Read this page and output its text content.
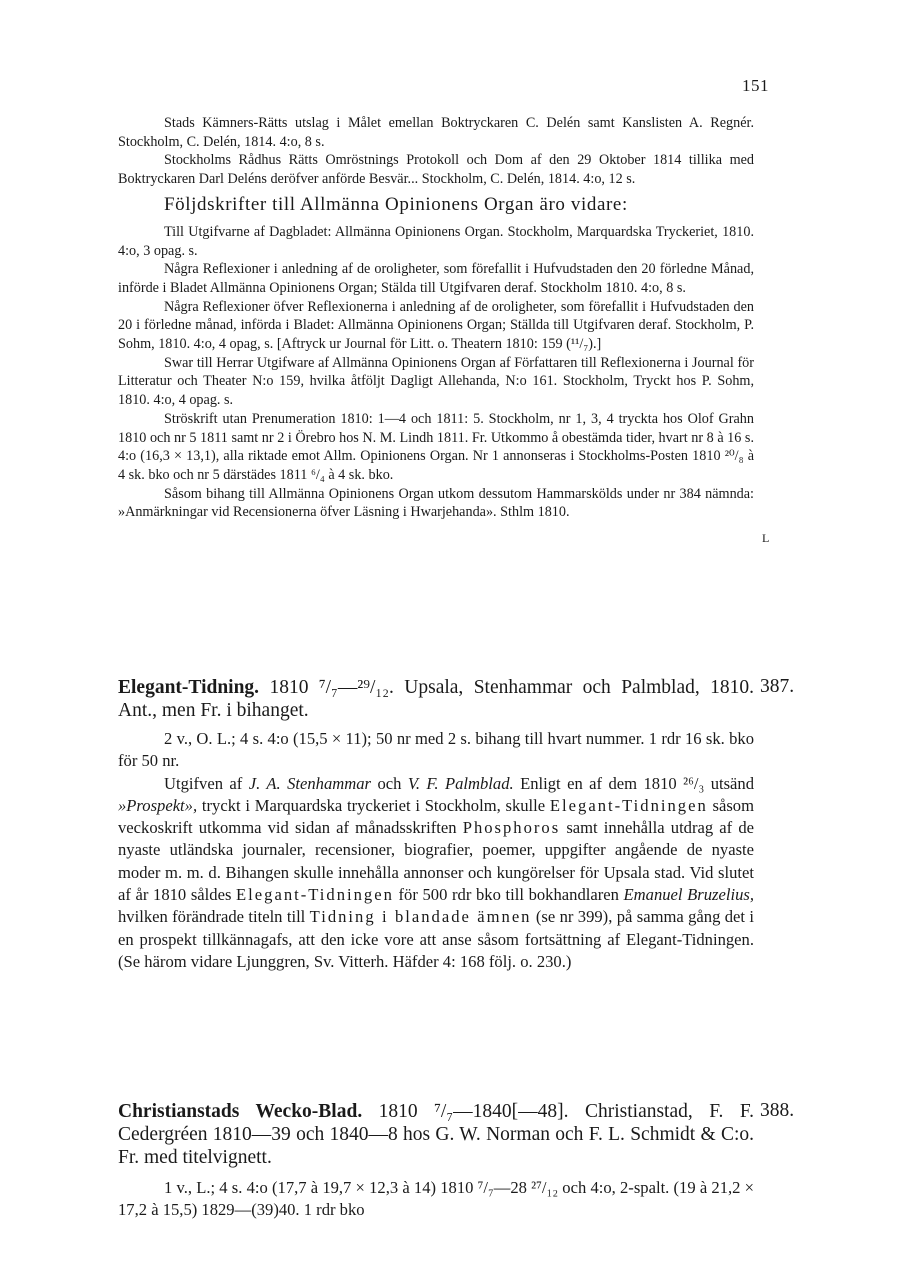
151

Stads Kämners-Rätts utslag i Målet emellan Boktryckaren C. Delén samt Kanslisten A. Regnér. Stockholm, C. Delén, 1814. 4:o, 8 s.

Stockholms Rådhus Rätts Omröstnings Protokoll och Dom af den 29 Oktober 1814 tillika med Boktryckaren Darl Deléns deröfver anförde Besvär... Stockholm, C. Delén, 1814. 4:o, 12 s.

Följdskrifter till Allmänna Opinionens Organ äro vidare:

Till Utgifvarne af Dagbladet: Allmänna Opinionens Organ. Stockholm, Marquardska Tryckeriet, 1810. 4:o, 3 opag. s.

Några Reflexioner i anledning af de oroligheter, som förefallit i Hufvudstaden den 20 förledne Månad, införde i Bladet Allmänna Opinionens Organ; Stälda till Utgifvaren deraf. Stockholm 1810. 4:o, 8 s.

Några Reflexioner öfver Reflexionerna i anledning af de oroligheter, som förefallit i Hufvudstaden den 20 i förledne månad, införda i Bladet: Allmänna Opinionens Organ; Ställda till Utgifvaren deraf. Stockholm, P. Sohm, 1810. 4:o, 4 opag, s. [Aftryck ur Journal för Litt. o. Theatern 1810: 159 (¹¹/₇).]

Swar till Herrar Utgifware af Allmänna Opinionens Organ af Författaren till Reflexionerna i Journal för Litteratur och Theater N:o 159, hvilka åtföljt Dagligt Allehanda, N:o 161. Stockholm, Tryckt hos P. Sohm, 1810. 4:o, 4 opag. s.

Ströskrift utan Prenumeration 1810: 1—4 och 1811: 5. Stockholm, nr 1, 3, 4 tryckta hos Olof Grahn 1810 och nr 5 1811 samt nr 2 i Örebro hos N. M. Lindh 1811. Fr. Utkommo å obestämda tider, hvart nr 8 à 16 s. 4:o (16,3 × 13,1), alla riktade emot Allm. Opinionens Organ. Nr 1 annonseras i Stockholms-Posten 1810 ²⁰/₈ à 4 sk. bko och nr 5 därstädes 1811 ⁶/₄ à 4 sk. bko.

Såsom bihang till Allmänna Opinionens Organ utkom dessutom Hammarskölds under nr 384 nämnda: »Anmärkningar vid Recensionerna öfver Läsning i Hwarjehanda». Sthlm 1810.

L
387.

Elegant-Tidning. 1810 ⁷/₇—²⁹/₁₂. Upsala, Stenhammar och Palmblad, 1810. Ant., men Fr. i bihanget.

2 v., O. L.; 4 s. 4:o (15,5 × 11); 50 nr med 2 s. bihang till hvart nummer. 1 rdr 16 sk. bko för 50 nr.

Utgifven af J. A. Stenhammar och V. F. Palmblad. Enligt en af dem 1810 ²⁶/₃ utsänd »Prospekt», tryckt i Marquardska tryckeriet i Stockholm, skulle Elegant-Tidningen såsom veckoskrift utkomma vid sidan af månadsskriften Phosphoros samt innehålla utdrag af de nyaste utländska journaler, recensioner, biografier, poemer, uppgifter angående de nyaste moder m. m. d. Bihangen skulle innehålla annonser och kungörelser för Upsala stad. Vid slutet af år 1810 såldes Elegant-Tidningen för 500 rdr bko till bokhandlaren Emanuel Bruzelius, hvilken förändrade titeln till Tidning i blandade ämnen (se nr 399), på samma gång det i en prospekt tillkännagafs, att den icke vore att anse såsom fortsättning af Elegant-Tidningen. (Se härom vidare Ljunggren, Sv. Vitterh. Häfder 4: 168 följ. o. 230.)

388.

Christianstads Wecko-Blad. 1810 ⁷/₇—1840[—48]. Christianstad, F. F. Cedergréen 1810—39 och 1840—8 hos G. W. Norman och F. L. Schmidt & C:o. Fr. med titelvignett.

1 v., L.; 4 s. 4:o (17,7 à 19,7 × 12,3 à 14) 1810 ⁷/₇—28 ²⁷/₁₂ och 4:o, 2-spalt. (19 à 21,2 × 17,2 à 15,5) 1829—(39)40. 1 rdr bko
